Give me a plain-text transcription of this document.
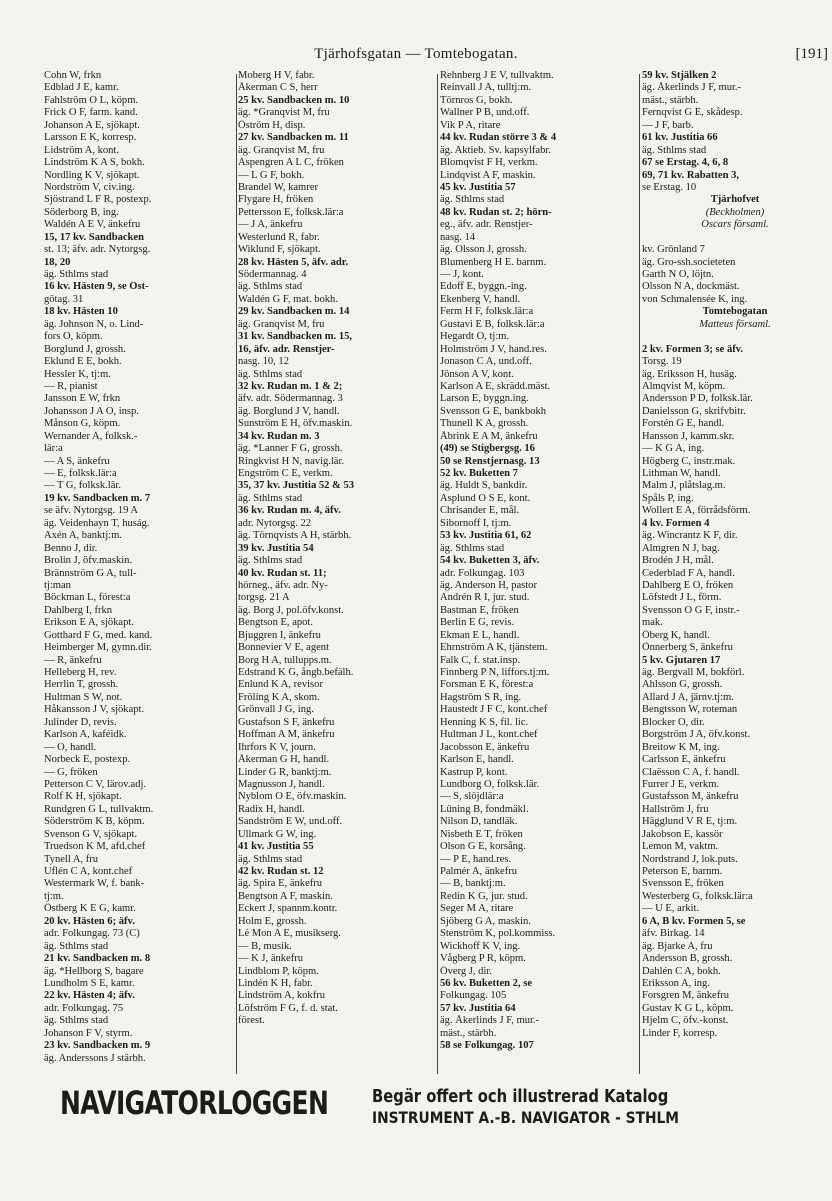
Tjärhofsgatan — Tomtebogatan.	[191]
Cohn W, frkn
Edblad J E, kamr.
Fahlström O L, köpm.
Frick O F, farm. kand.
Johanson A E, sjökapt.
Larsson E K, korresp.
Lidström A, kont.
Lindström K A S, bokh.
Nordling K V, sjökapt.
Nordström V, civ.ing.
Sjöstrand L F R, postexp.
Söderborg B, ing.
Waldén A E V, änkefru
15, 17 kv. Sandbacken
st. 13; äfv. adr. Nytorgsg.
18, 20
äg. Sthlms stad
16 kv. Hästen 9, se Öst-
götag. 31
18 kv. Hästen 10
äg. Johnson N, o. Lind-
fors O, köpm.
Borglund J, grossh.
Eklund E E, bokh.
Hessler K, tj:m.
— R, pianist
Jansson E W, frkn
Johansson J A O, insp.
Månson G, köpm.
Wernander A, folksk.-
lär:a
— A S, änkefru
— E, folksk.lär:a
— T G, folksk.lär.
19 kv. Sandbacken m. 7
se äfv. Nytorgsg. 19 A
äg. Veidenhayn T, huság.
Axén A, banktj:m.
Benno J, dir.
Brolin J, öfv.maskin.
Brännström G A, tull-
tj:man
Böckman L, förest:a
Dahlberg I, frkn
Erikson E A, sjökapt.
Gotthard F G, med. kand.
Heimberger M, gymn.dir.
— R, änkefru
Helleberg H, rev.
Herrlin T, grossh.
Hultman S W, not.
Håkansson J V, sjökapt.
Julinder D, revis.
Karlson A, kaféidk.
— O, handl.
Norbeck E, postexp.
— G, fröken
Petterson C V, lärov.adj.
Rolf K H, sjökapt.
Rundgren G L, tullvaktm.
Söderström K B, köpm.
Svenson G V, sjökapt.
Truedson K M, afd.chef
Tynell A, fru
Uflén C A, kont.chef
Westermark W, f. bank-
tj:m.
Östberg K E G, kamr.
20 kv. Hästen 6; äfv.
adr. Folkungag. 73 (C)
äg. Sthlms stad
21 kv. Sandbacken m. 8
äg. *Hellborg S, bagare
Lundholm S E, kamr.
22 kv. Hästen 4; äfv.
adr. Folkungag. 75
äg. Sthlms stad
Johanson F V, styrm.
23 kv. Sandbacken m. 9
äg. Anderssons J stärbh.
Moberg H V, fabr.
Åkerman C S, herr
25 kv. Sandbacken m. 10
äg. *Granqvist M, fru
Öström H, disp.
27 kv. Sandbacken m. 11
äg. Granqvist M, fru
Aspengren A L C, fröken
— L G F, bokh.
Brandel W, kamrer
Flygare H, fröken
Pettersson E, folksk.lär:a
— J A, änkefru
Westerlund R, fabr.
Wiklund F, sjökapt.
28 kv. Hästen 5, äfv. adr.
Södermannag. 4
äg. Sthlms stad
Waldén G F, mat. bokh.
29 kv. Sandbacken m. 14
äg. Granqvist M, fru
31 kv. Sandbacken m. 15,
16, äfv. adr. Renstjer-
nasg. 10, 12
äg. Sthlms stad
32 kv. Rudan m. 1 & 2;
äfv. adr. Södermannag. 3
äg. Borglund J V, handl.
Sunström E H, öfv.maskin.
34 kv. Rudan m. 3
äg. *Lanner F G, grossh.
Ringkvist H N, navig.lär.
Engström C E, verkm.
35, 37 kv. Justitia 52 & 53
äg. Sthlms stad
36 kv. Rudan m. 4, äfv.
adr. Nytorgsg. 22
äg. Törnqvists A H, stärbh.
39 kv. Justitia 54
äg. Sthlms stad
40 kv. Rudan st. 11;
hörneg., äfv. adr. Ny-
torgsg. 21 A
äg. Borg J, pol.öfv.konst.
Bengtson E, apot.
Bjuggren I, änkefru
Bonnevier V E, agent
Borg H A, tullupps.m.
Edstrand K G, ångb.befälh.
Enlund K A, revisor
Fröling K A, skom.
Grönvall J G, ing.
Gustafson S F, änkefru
Hoffman A M, änkefru
Ihrfors K V, journ.
Åkerman G H, handl.
Linder G R, banktj:m.
Magnusson J, handl.
Nyblom O E, öfv.maskin.
Radix H, handl.
Sandström E W, und.off.
Ullmark G W, ing.
41 kv. Justitia 55
äg. Sthlms stad
42 kv. Rudan st. 12
äg. Spira E, änkefru
Bengtson A F, maskin.
Eckert J, spannm.kontr.
Holm E, grossh.
Lé Mon A E, musikserg.
— B, musik.
— K J, änkefru
Lindblom P, köpm.
Lindén K H, fabr.
Lindström A, kokfru
Löfström F G, f. d. stat.
förest.
Rehnberg J E V, tullvaktm.
Reinvall J A, tulltj:m.
Törnros G, bokh.
Wallner P B, und.off.
Vik P A, ritare
44 kv. Rudan större 3 & 4
äg. Aktieb. Sv. kapsylfabr.
Blomqvist F H, verkm.
Lindqvist A F, maskin.
45 kv. Justitia 57
äg. Sthlms stad
48 kv. Rudan st. 2; hörn-
eg., äfv. adr. Renstjer-
nasg. 14
äg. Olsson J, grossh.
Blumenberg H E. barnm.
— J, kont.
Edoff E, byggn.-ing.
Ekenberg V, handl.
Ferm H F, folksk.lär:a
Gustavi E B, folksk.lär:a
Hegardt O, tj:m.
Holmström J V, hand.res.
Jonason C A, und.off.
Jönson A V, kont.
Karlson A E, skrädd.mäst.
Larson E, byggn.ing.
Svensson G E, bankbokh
Thunell K A, grossh.
Åbrink E A M, änkefru
(49) se Stigbergsg. 16
50 se Renstjernasg. 13
52 kv. Buketten 7
äg. Huldt S, bankdir.
Asplund O S E, kont.
Chrisander E, mål.
Sibornoff I, tj:m.
53 kv. Justitia 61, 62
äg. Sthlms stad
54 kv. Buketten 3, äfv.
adr. Folkungag. 103
äg. Anderson H, pastor
Andrén R I, jur. stud.
Bastman E, fröken
Berlin E G, revis.
Ekman E L, handl.
Ehrnström A K, tjänstem.
Falk C, f. stat.insp.
Finnberg P N, liffors.tj:m.
Forsman E K, förest:a
Hagström S R, ing.
Haustedt J F C, kont.chef
Henning K S, fil. lic.
Hultman J L, kont.chef
Jacobsson E, änkefru
Karlson E, handl.
Kastrup P, kont.
Lundborg O, folksk.lär.
— S, slöjdlär:a
Lüning B, fondmäkl.
Nilson D, tandläk.
Nisbeth E T, fröken
Olson G E, korsång.
— P E, hand.res.
Palmér A, änkefru
— B, banktj:m.
Redin K G, jur. stud.
Seger M A, ritare
Sjöberg G A, maskin.
Stenström K, pol.kommiss.
Wickhoff K V, ing.
Vågberg P R, köpm.
Överg J, dir.
56 kv. Buketten 2, se
Folkungag. 105
57 kv. Justitia 64
äg. Åkerlinds J F, mur.-
mäst., stärbh.
58 se Folkungag. 107
59 kv. Stjälken 2
äg. Åkerlinds J F, mur.-
mäst., stärbh.
Fernqvist G E, skådesp.
— J F, barb.
61 kv. Justitia 66
äg. Sthlms stad
67 se Erstag. 4, 6, 8
69, 71 kv. Rabatten 3,
se Erstag. 10
Tjärhofvet
(Beckholmen)
Oscars församl.
kv. Grönland 7
äg. Gro-ssh.societeten
Garth N O, löjtn.
Olsson N A, dockmäst.
von Schmalensée K, ing.
Tomtebogatan
Matteus församl.
2 kv. Formen 3; se äfv.
Torsg. 19
äg. Eriksson H, husäg.
Almqvist M, köpm.
Andersson P D, folksk.lär.
Danielsson G, skrifvbitr.
Forstén G E, handl.
Hansson J, kamm.skr.
— K G A, ing.
Högberg C, instr.mak.
Lithman W, handl.
Malm J, plåtslag.m.
Spåls P, ing.
Wollert E A, förrådsförm.
4 kv. Formen 4
äg. Wincrantz K F, dir.
Almgren N J, bag.
Brodén J H, mål.
Cederblad F A, handl.
Dahlberg E O, fröken
Löfstedt J L, förm.
Svensson O G F, instr.-
mak.
Öberg K, handl.
Önnerberg S, änkefru
5 kv. Gjutaren 17
äg. Bergvall M, bokförl.
Ahlsson G, grossh.
Allard J A, järnv.tj:m.
Bengtsson W, roteman
Blocker O, dir.
Borgström J A, öfv.konst.
Breitow K M, ing.
Carlsson E, änkefru
Claësson C A, f. handl.
Furrer J E, verkm.
Gustafsson M, änkefru
Hallström J, fru
Hägglund V R E, tj:m.
Jakobson E, kassör
Lemon M, vaktm.
Nordstrand J, lok.puts.
Peterson E, barnm.
Svensson E, fröken
Westerberg G, folksk.lär:a
— U E, arkit.
6 A, B kv. Formen 5, se
äfv. Birkag. 14
äg. Bjarke A, fru
Andersson B, grossh.
Dahlén C A, bokh.
Eriksson A, ing.
Forsgren M, änkefru
Gustav K G L, köpm.
Hjelm C, öfv.-konst.
Linder F, korresp.
NAVIGATORLOGGEN Begär offert och illustrerad Katalog
INSTRUMENT A.-B. NAVIGATOR - STHLM
